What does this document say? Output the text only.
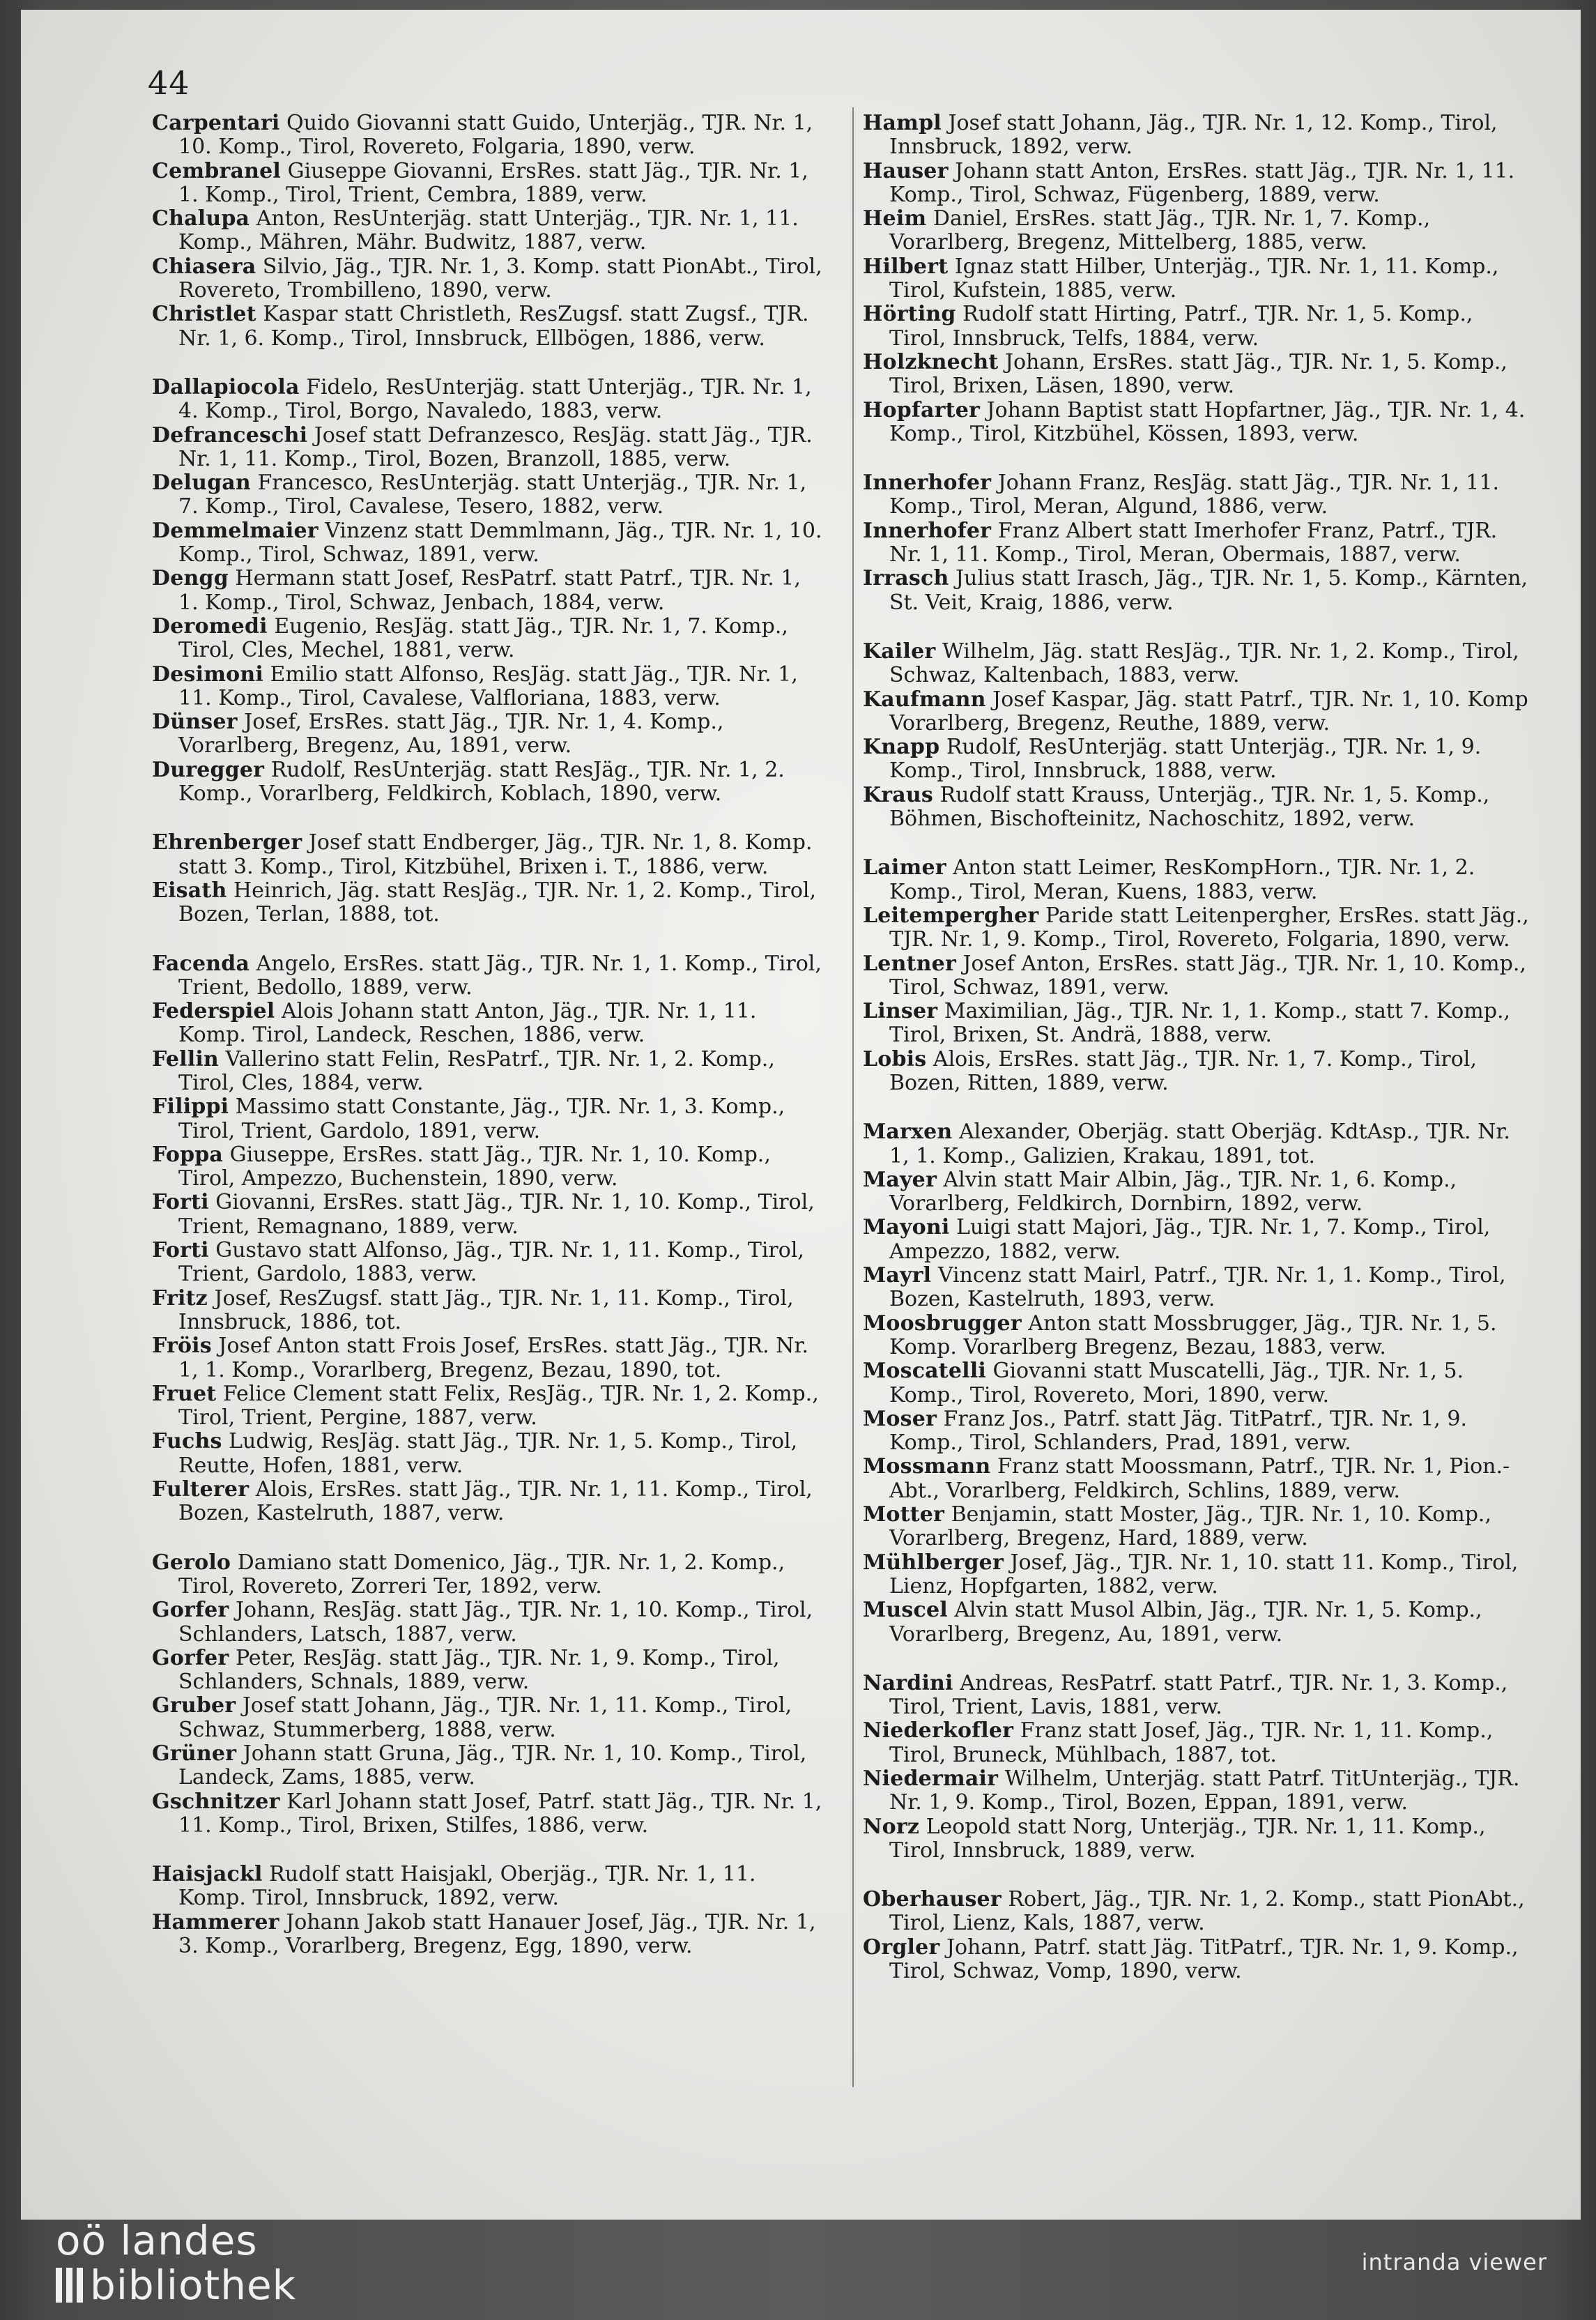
44

Carpentari Quido Giovanni statt Guido, Unterjäg., TJR. Nr. 1, 10. Komp., Tirol, Rovereto, Folgaria, 1890, verw.

Cembranel Giuseppe Giovanni, ErsRes. statt Jäg., TJR. Nr. 1, 1. Komp., Tirol, Trient, Cembra, 1889, verw.

Chalupa Anton, ResUnterjäg. statt Unterjäg., TJR. Nr. 1, 11. Komp., Mähren, Mähr. Budwitz, 1887, verw.

Chiasera Silvio, Jäg., TJR. Nr. 1, 3. Komp. statt PionAbt., Tirol, Rovereto, Trombilleno, 1890, verw.

Christlet Kaspar statt Christleth, ResZugsf. statt Zugsf., TJR. Nr. 1, 6. Komp., Tirol, Innsbruck, Ellbögen, 1886, verw.

Dallapiocola Fidelo, ResUnterjäg. statt Unterjäg., TJR. Nr. 1, 4. Komp., Tirol, Borgo, Navaledo, 1883, verw.

Defranceschi Josef statt Defranzesco, ResJäg. statt Jäg., TJR. Nr. 1, 11. Komp., Tirol, Bozen, Branzoll, 1885, verw.

Delugan Francesco, ResUnterjäg. statt Unterjäg., TJR. Nr. 1, 7. Komp., Tirol, Cavalese, Tesero, 1882, verw.

Demmelmaier Vinzenz statt Demmlmann, Jäg., TJR. Nr. 1, 10. Komp., Tirol, Schwaz, 1891, verw.

Dengg Hermann statt Josef, ResPatrf. statt Patrf., TJR. Nr. 1, 1. Komp., Tirol, Schwaz, Jenbach, 1884, verw.

Deromedi Eugenio, ResJäg. statt Jäg., TJR. Nr. 1, 7. Komp., Tirol, Cles, Mechel, 1881, verw.

Desimoni Emilio statt Alfonso, ResJäg. statt Jäg., TJR. Nr. 1, 11. Komp., Tirol, Cavalese, Valfloriana, 1883, verw.

Dünser Josef, ErsRes. statt Jäg., TJR. Nr. 1, 4. Komp., Vorarlberg, Bregenz, Au, 1891, verw.

Duregger Rudolf, ResUnterjäg. statt ResJäg., TJR. Nr. 1, 2. Komp., Vorarlberg, Feldkirch, Koblach, 1890, verw.

Ehrenberger Josef statt Endberger, Jäg., TJR. Nr. 1, 8. Komp. statt 3. Komp., Tirol, Kitzbühel, Brixen i. T., 1886, verw.

Eisath Heinrich, Jäg. statt ResJäg., TJR. Nr. 1, 2. Komp., Tirol, Bozen, Terlan, 1888, tot.

Facenda Angelo, ErsRes. statt Jäg., TJR. Nr. 1, 1. Komp., Tirol, Trient, Bedollo, 1889, verw.

Federspiel Alois Johann statt Anton, Jäg., TJR. Nr. 1, 11. Komp. Tirol, Landeck, Reschen, 1886, verw.

Fellin Vallerino statt Felin, ResPatrf., TJR. Nr. 1, 2. Komp., Tirol, Cles, 1884, verw.

Filippi Massimo statt Constante, Jäg., TJR. Nr. 1, 3. Komp., Tirol, Trient, Gardolo, 1891, verw.

Foppa Giuseppe, ErsRes. statt Jäg., TJR. Nr. 1, 10. Komp., Tirol, Ampezzo, Buchenstein, 1890, verw.

Forti Giovanni, ErsRes. statt Jäg., TJR. Nr. 1, 10. Komp., Tirol, Trient, Remagnano, 1889, verw.

Forti Gustavo statt Alfonso, Jäg., TJR. Nr. 1, 11. Komp., Tirol, Trient, Gardolo, 1883, verw.

Fritz Josef, ResZugsf. statt Jäg., TJR. Nr. 1, 11. Komp., Tirol, Innsbruck, 1886, tot.

Fröis Josef Anton statt Frois Josef, ErsRes. statt Jäg., TJR. Nr. 1, 1. Komp., Vorarlberg, Bregenz, Bezau, 1890, tot.

Fruet Felice Clement statt Felix, ResJäg., TJR. Nr. 1, 2. Komp., Tirol, Trient, Pergine, 1887, verw.

Fuchs Ludwig, ResJäg. statt Jäg., TJR. Nr. 1, 5. Komp., Tirol, Reutte, Hofen, 1881, verw.

Fulterer Alois, ErsRes. statt Jäg., TJR. Nr. 1, 11. Komp., Tirol, Bozen, Kastelruth, 1887, verw.

Gerolo Damiano statt Domenico, Jäg., TJR. Nr. 1, 2. Komp., Tirol, Rovereto, Zorreri Ter, 1892, verw.

Gorfer Johann, ResJäg. statt Jäg., TJR. Nr. 1, 10. Komp., Tirol, Schlanders, Latsch, 1887, verw.

Gorfer Peter, ResJäg. statt Jäg., TJR. Nr. 1, 9. Komp., Tirol, Schlanders, Schnals, 1889, verw.

Gruber Josef statt Johann, Jäg., TJR. Nr. 1, 11. Komp., Tirol, Schwaz, Stummerberg, 1888, verw.

Grüner Johann statt Gruna, Jäg., TJR. Nr. 1, 10. Komp., Tirol, Landeck, Zams, 1885, verw.

Gschnitzer Karl Johann statt Josef, Patrf. statt Jäg., TJR. Nr. 1, 11. Komp., Tirol, Brixen, Stilfes, 1886, verw.

Haisjackl Rudolf statt Haisjakl, Oberjäg., TJR. Nr. 1, 11. Komp. Tirol, Innsbruck, 1892, verw.

Hammerer Johann Jakob statt Hanauer Josef, Jäg., TJR. Nr. 1, 3. Komp., Vorarlberg, Bregenz, Egg, 1890, verw.

Hampl Josef statt Johann, Jäg., TJR. Nr. 1, 12. Komp., Tirol, Innsbruck, 1892, verw.

Hauser Johann statt Anton, ErsRes. statt Jäg., TJR. Nr. 1, 11. Komp., Tirol, Schwaz, Fügenberg, 1889, verw.

Heim Daniel, ErsRes. statt Jäg., TJR. Nr. 1, 7. Komp., Vorarlberg, Bregenz, Mittelberg, 1885, verw.

Hilbert Ignaz statt Hilber, Unterjäg., TJR. Nr. 1, 11. Komp., Tirol, Kufstein, 1885, verw.

Hörting Rudolf statt Hirting, Patrf., TJR. Nr. 1, 5. Komp., Tirol, Innsbruck, Telfs, 1884, verw.

Holzknecht Johann, ErsRes. statt Jäg., TJR. Nr. 1, 5. Komp., Tirol, Brixen, Läsen, 1890, verw.

Hopfarter Johann Baptist statt Hopfartner, Jäg., TJR. Nr. 1, 4. Komp., Tirol, Kitzbühel, Kössen, 1893, verw.

Innerhofer Johann Franz, ResJäg. statt Jäg., TJR. Nr. 1, 11. Komp., Tirol, Meran, Algund, 1886, verw.

Innerhofer Franz Albert statt Imerhofer Franz, Patrf., TJR. Nr. 1, 11. Komp., Tirol, Meran, Obermais, 1887, verw.

Irrasch Julius statt Irasch, Jäg., TJR. Nr. 1, 5. Komp., Kärnten, St. Veit, Kraig, 1886, verw.

Kailer Wilhelm, Jäg. statt ResJäg., TJR. Nr. 1, 2. Komp., Tirol, Schwaz, Kaltenbach, 1883, verw.

Kaufmann Josef Kaspar, Jäg. statt Patrf., TJR. Nr. 1, 10. Komp Vorarlberg, Bregenz, Reuthe, 1889, verw.

Knapp Rudolf, ResUnterjäg. statt Unterjäg., TJR. Nr. 1, 9. Komp., Tirol, Innsbruck, 1888, verw.

Kraus Rudolf statt Krauss, Unterjäg., TJR. Nr. 1, 5. Komp., Böhmen, Bischofteinitz, Nachoschitz, 1892, verw.

Laimer Anton statt Leimer, ResKompHorn., TJR. Nr. 1, 2. Komp., Tirol, Meran, Kuens, 1883, verw.

Leitempergher Paride statt Leitenpergher, ErsRes. statt Jäg., TJR. Nr. 1, 9. Komp., Tirol, Rovereto, Folgaria, 1890, verw.

Lentner Josef Anton, ErsRes. statt Jäg., TJR. Nr. 1, 10. Komp., Tirol, Schwaz, 1891, verw.

Linser Maximilian, Jäg., TJR. Nr. 1, 1. Komp., statt 7. Komp., Tirol, Brixen, St. Andrä, 1888, verw.

Lobis Alois, ErsRes. statt Jäg., TJR. Nr. 1, 7. Komp., Tirol, Bozen, Ritten, 1889, verw.

Marxen Alexander, Oberjäg. statt Oberjäg. KdtAsp., TJR. Nr. 1, 1. Komp., Galizien, Krakau, 1891, tot.

Mayer Alvin statt Mair Albin, Jäg., TJR. Nr. 1, 6. Komp., Vorarlberg, Feldkirch, Dornbirn, 1892, verw.

Mayoni Luigi statt Majori, Jäg., TJR. Nr. 1, 7. Komp., Tirol, Ampezzo, 1882, verw.

Mayrl Vincenz statt Mairl, Patrf., TJR. Nr. 1, 1. Komp., Tirol, Bozen, Kastelruth, 1893, verw.

Moosbrugger Anton statt Mossbrugger, Jäg., TJR. Nr. 1, 5. Komp. Vorarlberg Bregenz, Bezau, 1883, verw.

Moscatelli Giovanni statt Muscatelli, Jäg., TJR. Nr. 1, 5. Komp., Tirol, Rovereto, Mori, 1890, verw.

Moser Franz Jos., Patrf. statt Jäg. TitPatrf., TJR. Nr. 1, 9. Komp., Tirol, Schlanders, Prad, 1891, verw.

Mossmann Franz statt Moossmann, Patrf., TJR. Nr. 1, Pion.-Abt., Vorarlberg, Feldkirch, Schlins, 1889, verw.

Motter Benjamin, statt Moster, Jäg., TJR. Nr. 1, 10. Komp., Vorarlberg, Bregenz, Hard, 1889, verw.

Mühlberger Josef, Jäg., TJR. Nr. 1, 10. statt 11. Komp., Tirol, Lienz, Hopfgarten, 1882, verw.

Muscel Alvin statt Musol Albin, Jäg., TJR. Nr. 1, 5. Komp., Vorarlberg, Bregenz, Au, 1891, verw.

Nardini Andreas, ResPatrf. statt Patrf., TJR. Nr. 1, 3. Komp., Tirol, Trient, Lavis, 1881, verw.

Niederkofler Franz statt Josef, Jäg., TJR. Nr. 1, 11. Komp., Tirol, Bruneck, Mühlbach, 1887, tot.

Niedermair Wilhelm, Unterjäg. statt Patrf. TitUnterjäg., TJR. Nr. 1, 9. Komp., Tirol, Bozen, Eppan, 1891, verw.

Norz Leopold statt Norg, Unterjäg., TJR. Nr. 1, 11. Komp., Tirol, Innsbruck, 1889, verw.

Oberhauser Robert, Jäg., TJR. Nr. 1, 2. Komp., statt PionAbt., Tirol, Lienz, Kals, 1887, verw.

Orgler Johann, Patrf. statt Jäg. TitPatrf., TJR. Nr. 1, 9. Komp., Tirol, Schwaz, Vomp, 1890, verw.

oö landes
bibliothek	intranda viewer
